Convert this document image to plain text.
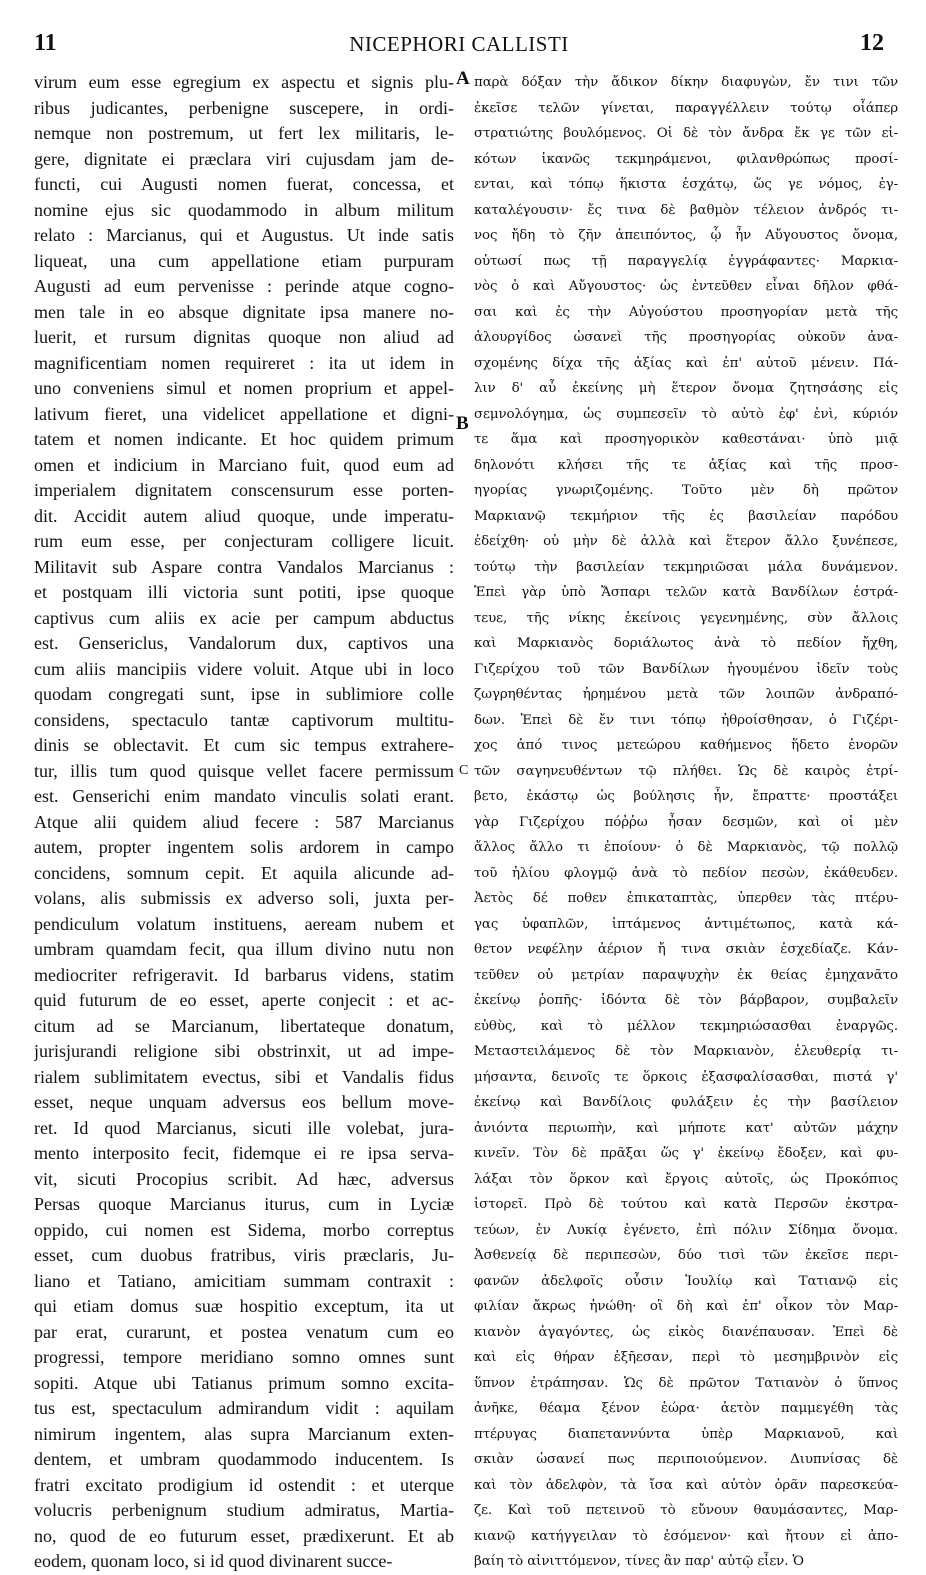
11	NICEPHORI CALLISTI	12
virum eum esse egregium ex aspectu et signis plu-
ribus judicantes, perbenigne suscepere, in ordi-
nemque non postremum, ut fert lex militaris, le-
gere, dignitate ei præclara viri cujusdam jam de-
functi, cui Augusti nomen fuerat, concessa, et
nomine ejus sic quodammodo in album militum
relato : Marcianus, qui et Augustus. Ut inde satis
liqueat, una cum appellatione etiam purpuram
Augusti ad eum pervenisse : perinde atque cogno-
men tale in eo absque dignitate ipsa manere no-
luerit, et rursum dignitas quoque non aliud ad
magnificentiam nomen requireret : ita ut idem in
uno conveniens simul et nomen proprium et appel-
lativum fieret, una videlicet appellatione et digni-
tatem et nomen indicante. Et hoc quidem primum
omen et indicium in Marciano fuit, quod eum ad
imperialem dignitatem conscensurum esse porten-
dit. Accidit autem aliud quoque, unde imperatu-
rum eum esse, per conjecturam colligere licuit.
Militavit sub Aspare contra Vandalos Marcianus :
et postquam illi victoria sunt potiti, ipse quoque
captivus cum aliis ex acie per campum abductus
est. Gensericlus, Vandalorum dux, captivos una
cum aliis mancipiis videre voluit. Atque ubi in loco
quodam congregati sunt, ipse in sublimiore colle
considens, spectaculo tantæ captivorum multitu-
dinis se oblectavit. Et cum sic tempus extrahere-
tur, illis tum quod quisque vellet facere permissum
est. Genserichi enim mandato vinculis solati erant.
Atque alii quidem aliud fecere : 587 Marcianus
autem, propter ingentem solis ardorem in campo
concidens, somnum cepit. Et aquila alicunde ad-
volans, alis submissis ex adverso soli, juxta per-
pendiculum volatum instituens, aeream nubem et
umbram quamdam fecit, qua illum divino nutu non
mediocriter refrigeravit. Id barbarus videns, statim
quid futurum de eo esset, aperte conjecit : et ac-
citum ad se Marcianum, libertateque donatum,
jurisjurandi religione sibi obstrinxit, ut ad impe-
rialem sublimitatem evectus, sibi et Vandalis fidus
esset, neque unquam adversus eos bellum move-
ret. Id quod Marcianus, sicuti ille volebat, jura-
mento interposito fecit, fidemque ei re ipsa serva-
vit, sicuti Procopius scribit. Ad hæc, adversus
Persas quoque Marcianus iturus, cum in Lyciæ
oppido, cui nomen est Sidema, morbo correptus
esset, cum duobus fratribus, viris præclaris, Ju-
liano et Tatiano, amicitiam summam contraxit :
qui etiam domus suæ hospitio exceptum, ita ut
par erat, curarunt, et postea venatum cum eo
progressi, tempore meridiano somno omnes sunt
sopiti. Atque ubi Tatianus primum somno excita-
tus est, spectaculum admirandum vidit : aquilam
nimirum ingentem, alas supra Marcianum exten-
dentem, et umbram quodammodo inducentem. Is
fratri excitato prodigium id ostendit : et uterque
volucris perbenignum studium admiratus, Martia-
no, quod de eo futurum esset, prædixerunt. Et ab
eodem, quonam loco, si id quod divinarent succe-
A
B
C
παρὰ δόξαν τὴν ἄδικον δίκην διαφυγὼν, ἔν τινι τῶν
ἐκεῖσε τελῶν γίνεται, παραγγέλλειν τούτῳ οἷάπερ
στρατιώτης βουλόμενος. Οἱ δὲ τὸν ἄνδρα ἔκ γε τῶν εἰ-
κότων ἱκανῶς τεκμηράμενοι, φιλανθρώπως προσί-
ενται, καὶ τόπῳ ἥκιστα ἐσχάτῳ, ὥς γε νόμος, ἐγ-
καταλέγουσιν· ἔς τινα δὲ βαθμὸν τέλειον ἀνδρός τι-
νος ἤδη τὸ ζῆν ἀπειπόντος, ᾧ ἦν Αὔγουστος ὄνομα,
οὑτωσί πως τῇ παραγγελίᾳ ἐγγράφαντες· Μαρκια-
νὸς ὁ καὶ Αὔγουστος· ὡς ἐντεῦθεν εἶναι δῆλον φθά-
σαι καὶ ἐς τὴν Αὐγούστου προσηγορίαν μετὰ τῆς
ἁλουργίδος ὡσανεὶ τῆς προσηγορίας οὐκοῦν ἀνα-
σχομένης δίχα τῆς ἀξίας καὶ ἐπ' αὐτοῦ μένειν. Πά-
λιν δ' αὖ ἐκείνης μὴ ἕτερον ὄνομα ζητησάσης εἰς
σεμνολόγημα, ὡς συμπεσεῖν τὸ αὐτὸ ἐφ' ἑνὶ, κύριόν
τε ἅμα καὶ προσηγορικὸν καθεστάναι· ὑπὸ μιᾷ
δηλονότι κλήσει τῆς τε ἀξίας καὶ τῆς προσ-
ηγορίας γνωριζομένης. Τοῦτο μὲν δὴ πρῶτον
Μαρκιανῷ τεκμήριον τῆς ἐς βασιλείαν παρόδου
ἐδείχθη· οὐ μὴν δὲ ἀλλὰ καὶ ἕτερον ἄλλο ξυνέπεσε,
τούτῳ τὴν βασιλείαν τεκμηριῶσαι μάλα δυνάμενον.
Ἐπεὶ γὰρ ὑπὸ Ἄσπαρι τελῶν κατὰ Βανδίλων ἐστρά-
τευε, τῆς νίκης ἐκείνοις γεγενημένης, σὺν ἄλλοις
καὶ Μαρκιανὸς δοριάλωτος ἀνὰ τὸ πεδίον ἤχθη,
Γιζερίχου τοῦ τῶν Βανδίλων ἡγουμένου ἰδεῖν τοὺς
ζωγρηθέντας ἠρημένου μετὰ τῶν λοιπῶν ἀνδραπό-
δων. Ἐπεὶ δὲ ἔν τινι τόπῳ ἠθροίσθησαν, ὁ Γιζέρι-
χος ἀπό τινος μετεώρου καθήμενος ἥδετο ἐνορῶν
τῶν σαγηνευθέντων τῷ πλήθει. Ὡς δὲ καιρὸς ἐτρί-
βετο, ἑκάστῳ ὡς βούλησις ἦν, ἔπραττε· προστάξει
γὰρ Γιζερίχου πόῤῥω ἦσαν δεσμῶν, καὶ οἱ μὲν
ἄλλος ἄλλο τι ἐποίουν· ὁ δὲ Μαρκιανὸς, τῷ πολλῷ
τοῦ ἡλίου φλογμῷ ἀνὰ τὸ πεδίον πεσὼν, ἐκάθευδεν.
Ἀετὸς δέ ποθεν ἐπικαταπτὰς, ὑπερθεν τὰς πτέρυ-
γας ὑφαπλῶν, ἱπτάμενος ἀντιμέτωπος, κατὰ κά-
θετον νεφέλην ἀέριον ἤ τινα σκιὰν ἐσχεδίαζε. Κάν-
τεῦθεν οὐ μετρίαν παραψυχὴν ἐκ θείας ἐμηχανᾶτο
ἐκείνῳ ῥοπῆς· ἰδόντα δὲ τὸν βάρβαρον, συμβαλεῖν
εὐθὺς, καὶ τὸ μέλλον τεκμηριώσασθαι ἐναργῶς.
Μεταστειλάμενος δὲ τὸν Μαρκιανὸν, ἐλευθερίᾳ τι-
μήσαντα, δεινοῖς τε ὅρκοις ἐξασφαλίσασθαι, πιστά γ'
ἐκείνῳ καὶ Βανδίλοις φυλάξειν ἐς τὴν βασίλειον
ἀνιόντα περιωπὴν, καὶ μήποτε κατ' αὐτῶν μάχην
κινεῖν. Τὸν δὲ πρᾶξαι ὥς γ' ἐκείνῳ ἔδοξεν, καὶ φυ-
λάξαι τὸν ὅρκον καὶ ἔργοις αὐτοῖς, ὡς Προκόπιος
ἱστορεῖ. Πρὸ δὲ τούτου καὶ κατὰ Περσῶν ἐκστρα-
τεύων, ἐν Λυκίᾳ ἐγένετο, ἐπὶ πόλιν Σίδημα ὄνομα.
Ἀσθενείᾳ δὲ περιπεσὼν, δύο τισὶ τῶν ἐκεῖσε περι-
φανῶν ἀδελφοῖς οὖσιν Ἰουλίῳ καὶ Τατιανῷ εἰς
φιλίαν ἄκρως ἡνώθη· οἳ δὴ καὶ ἐπ' οἶκον τὸν Μαρ-
κιανὸν ἀγαγόντες, ὡς εἰκὸς διανέπαυσαν. Ἐπεὶ δὲ
καὶ εἰς θήραν ἐξῆεσαν, περὶ τὸ μεσημβρινὸν εἰς
ὕπνον ἐτράπησαν. Ὡς δὲ πρῶτον Τατιανὸν ὁ ὕπνος
ἀνῆκε, θέαμα ξένον ἑώρα· ἀετὸν παμμεγέθη τὰς
πτέρυγας διαπεταννύντα ὑπὲρ Μαρκιανοῦ, καὶ
σκιὰν ὡσανεί πως περιποιούμενον. Διυπνίσας δὲ
καὶ τὸν ἀδελφὸν, τὰ ἴσα καὶ αὐτὸν ὁρᾶν παρεσκεύα-
ζε. Καὶ τοῦ πετεινοῦ τὸ εὔνουν θαυμάσαντες, Μαρ-
κιανῷ κατήγγειλαν τὸ ἐσόμενον· καὶ ἤτουν εἰ ἀπο-
βαίη τὸ αἰνιττόμενον, τίνες ἂν παρ' αὐτῷ εἶεν. Ὁ
